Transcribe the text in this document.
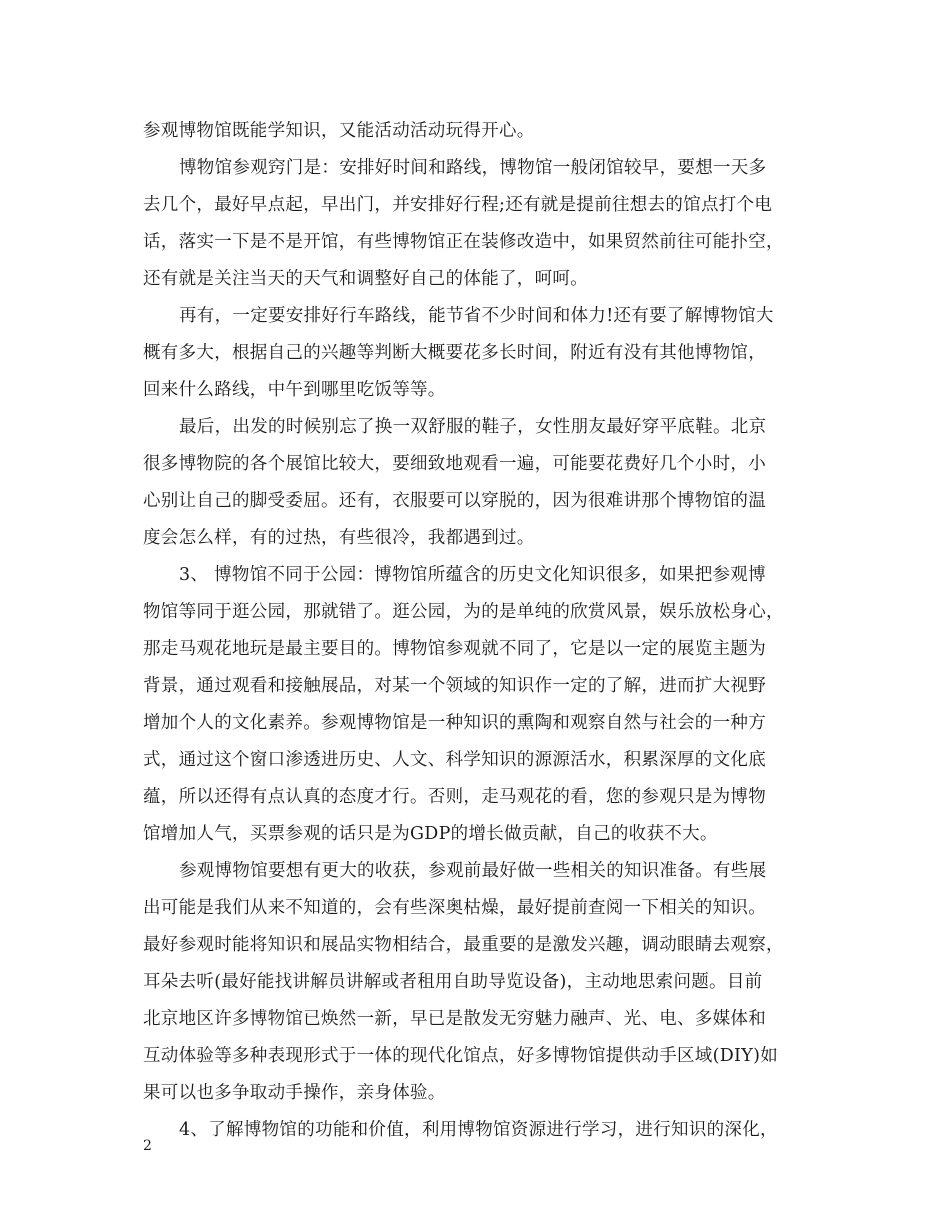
参观博物馆既能学知识，又能活动活动玩得开心。
博物馆参观窍门是：安排好时间和路线，博物馆一般闭馆较早，要想一天多
去几个，最好早点起，早出门，并安排好行程;还有就是提前往想去的馆点打个电
话，落实一下是不是开馆，有些博物馆正在装修改造中，如果贸然前往可能扑空，
还有就是关注当天的天气和调整好自己的体能了，呵呵。
再有，一定要安排好行车路线，能节省不少时间和体力!还有要了解博物馆大
概有多大，根据自己的兴趣等判断大概要花多长时间，附近有没有其他博物馆，
回来什么路线，中午到哪里吃饭等等。
最后，出发的时候别忘了换一双舒服的鞋子，女性朋友最好穿平底鞋。北京
很多博物院的各个展馆比较大，要细致地观看一遍，可能要花费好几个小时，小
心别让自己的脚受委屈。还有，衣服要可以穿脱的，因为很难讲那个博物馆的温
度会怎么样，有的过热，有些很冷，我都遇到过。
3、 博物馆不同于公园：博物馆所蕴含的历史文化知识很多，如果把参观博
物馆等同于逛公园，那就错了。逛公园，为的是单纯的欣赏风景，娱乐放松身心，
那走马观花地玩是最主要目的。博物馆参观就不同了，它是以一定的展览主题为
背景，通过观看和接触展品，对某一个领域的知识作一定的了解，进而扩大视野
增加个人的文化素养。参观博物馆是一种知识的熏陶和观察自然与社会的一种方
式，通过这个窗口渗透进历史、人文、科学知识的源源活水，积累深厚的文化底
蕴，所以还得有点认真的态度才行。否则，走马观花的看，您的参观只是为博物
馆增加人气，买票参观的话只是为GDP的增长做贡献，自己的收获不大。
参观博物馆要想有更大的收获，参观前最好做一些相关的知识准备。有些展
出可能是我们从来不知道的，会有些深奥枯燥，最好提前查阅一下相关的知识。
最好参观时能将知识和展品实物相结合，最重要的是激发兴趣，调动眼睛去观察，
耳朵去听(最好能找讲解员讲解或者租用自助导览设备)，主动地思索问题。目前
北京地区许多博物馆已焕然一新，早已是散发无穷魅力融声、光、电、多媒体和
互动体验等多种表现形式于一体的现代化馆点，好多博物馆提供动手区域(DIY)如
果可以也多争取动手操作，亲身体验。
4、了解博物馆的功能和价值，利用博物馆资源进行学习，进行知识的深化，
2
